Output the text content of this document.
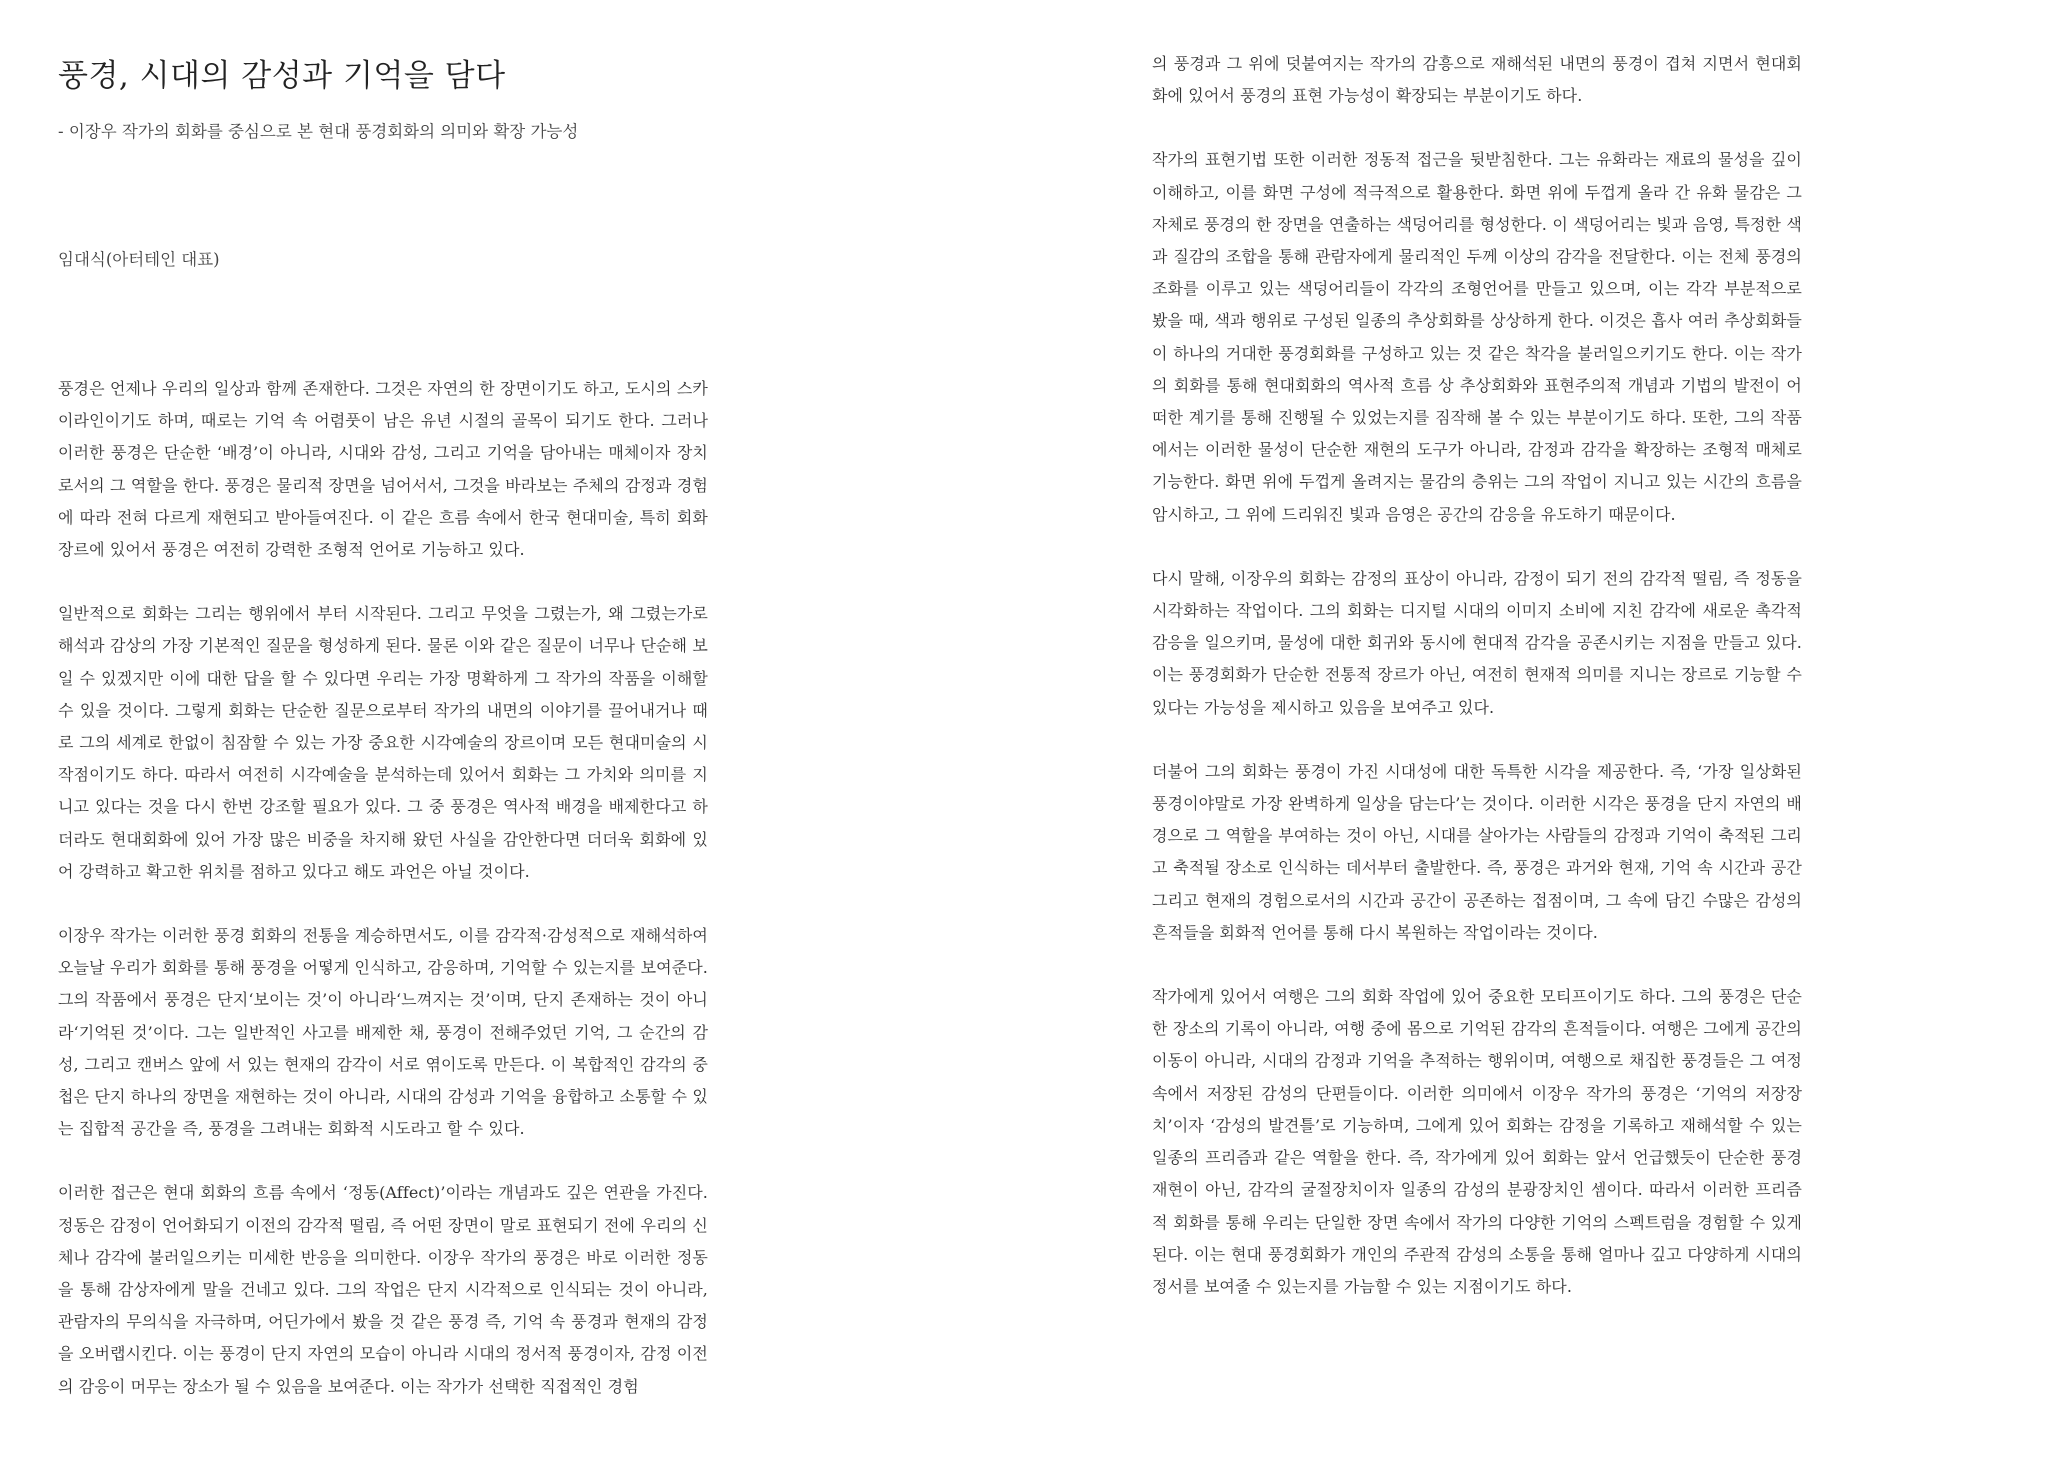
풍경, 시대의 감성과 기억을 담다

- 이장우 작가의 회화를 중심으로 본 현대 풍경회화의 의미와 확장 가능성

임대식(아터테인 대표)

풍경은 언제나 우리의 일상과 함께 존재한다. 그것은 자연의 한 장면이기도 하고, 도시의 스카이라인이기도 하며, 때로는 기억 속 어렴풋이 남은 유년 시절의 골목이 되기도 한다. 그러나 이러한 풍경은 단순한 ‘배경’이 아니라, 시대와 감성, 그리고 기억을 담아내는 매체이자 장치로서의 그 역할을 한다. 풍경은 물리적 장면을 넘어서서, 그것을 바라보는 주체의 감정과 경험에 따라 전혀 다르게 재현되고 받아들여진다. 이 같은 흐름 속에서 한국 현대미술, 특히 회화 장르에 있어서 풍경은 여전히 강력한 조형적 언어로 기능하고 있다.

일반적으로 회화는 그리는 행위에서 부터 시작된다. 그리고 무엇을 그렸는가, 왜 그렸는가로 해석과 감상의 가장 기본적인 질문을 형성하게 된다. 물론 이와 같은 질문이 너무나 단순해 보일 수 있겠지만 이에 대한 답을 할 수 있다면 우리는 가장 명확하게 그 작가의 작품을 이해할 수 있을 것이다. 그렇게 회화는 단순한 질문으로부터 작가의 내면의 이야기를 끌어내거나 때로 그의 세계로 한없이 침잠할 수 있는 가장 중요한 시각예술의 장르이며 모든 현대미술의 시작점이기도 하다. 따라서 여전히 시각예술을 분석하는데 있어서 회화는 그 가치와 의미를 지니고 있다는 것을 다시 한번 강조할 필요가 있다. 그 중 풍경은 역사적 배경을 배제한다고 하더라도 현대회화에 있어 가장 많은 비중을 차지해 왔던 사실을 감안한다면 더더욱 회화에 있어 강력하고 확고한 위치를 점하고 있다고 해도 과언은 아닐 것이다.

이장우 작가는 이러한 풍경 회화의 전통을 계승하면서도, 이를 감각적·감성적으로 재해석하여 오늘날 우리가 회화를 통해 풍경을 어떻게 인식하고, 감응하며, 기억할 수 있는지를 보여준다. 그의 작품에서 풍경은 단지‘보이는 것’이 아니라‘느껴지는 것’이며, 단지 존재하는 것이 아니라‘기억된 것’이다. 그는 일반적인 사고를 배제한 채, 풍경이 전해주었던 기억, 그 순간의 감성, 그리고 캔버스 앞에 서 있는 현재의 감각이 서로 엮이도록 만든다. 이 복합적인 감각의 중첩은 단지 하나의 장면을 재현하는 것이 아니라, 시대의 감성과 기억을 융합하고 소통할 수 있는 집합적 공간을 즉, 풍경을 그려내는 회화적 시도라고 할 수 있다.

이러한 접근은 현대 회화의 흐름 속에서 ‘정동(Affect)’이라는 개념과도 깊은 연관을 가진다. 정동은 감정이 언어화되기 이전의 감각적 떨림, 즉 어떤 장면이 말로 표현되기 전에 우리의 신체나 감각에 불러일으키는 미세한 반응을 의미한다. 이장우 작가의 풍경은 바로 이러한 정동을 통해 감상자에게 말을 건네고 있다. 그의 작업은 단지 시각적으로 인식되는 것이 아니라, 관람자의 무의식을 자극하며, 어딘가에서 봤을 것 같은 풍경 즉, 기억 속 풍경과 현재의 감정을 오버랩시킨다. 이는 풍경이 단지 자연의 모습이 아니라 시대의 정서적 풍경이자, 감정 이전의 감응이 머무는 장소가 될 수 있음을 보여준다. 이는 작가가 선택한 직접적인 경험

의 풍경과 그 위에 덧붙여지는 작가의 감흥으로 재해석된 내면의 풍경이 겹쳐 지면서 현대회화에 있어서 풍경의 표현 가능성이 확장되는 부분이기도 하다.

작가의 표현기법 또한 이러한 정동적 접근을 뒷받침한다. 그는 유화라는 재료의 물성을 깊이 이해하고, 이를 화면 구성에 적극적으로 활용한다. 화면 위에 두껍게 올라 간 유화 물감은 그 자체로 풍경의 한 장면을 연출하는 색덩어리를 형성한다. 이 색덩어리는 빛과 음영, 특정한 색과 질감의 조합을 통해 관람자에게 물리적인 두께 이상의 감각을 전달한다. 이는 전체 풍경의 조화를 이루고 있는 색덩어리들이 각각의 조형언어를 만들고 있으며, 이는 각각 부분적으로 봤을 때, 색과 행위로 구성된 일종의 추상회화를 상상하게 한다. 이것은 흡사 여러 추상회화들이 하나의 거대한 풍경회화를 구성하고 있는 것 같은 착각을 불러일으키기도 한다. 이는 작가의 회화를 통해 현대회화의 역사적 흐름 상 추상회화와 표현주의적 개념과 기법의 발전이 어떠한 계기를 통해 진행될 수 있었는지를 짐작해 볼 수 있는 부분이기도 하다. 또한, 그의 작품에서는 이러한 물성이 단순한 재현의 도구가 아니라, 감정과 감각을 확장하는 조형적 매체로 기능한다. 화면 위에 두껍게 올려지는 물감의 층위는 그의 작업이 지니고 있는 시간의 흐름을 암시하고, 그 위에 드리워진 빛과 음영은 공간의 감응을 유도하기 때문이다.

다시 말해, 이장우의 회화는 감정의 표상이 아니라, 감정이 되기 전의 감각적 떨림, 즉 정동을 시각화하는 작업이다. 그의 회화는 디지털 시대의 이미지 소비에 지친 감각에 새로운 촉각적 감응을 일으키며, 물성에 대한 회귀와 동시에 현대적 감각을 공존시키는 지점을 만들고 있다. 이는 풍경회화가 단순한 전통적 장르가 아닌, 여전히 현재적 의미를 지니는 장르로 기능할 수 있다는 가능성을 제시하고 있음을 보여주고 있다.

더불어 그의 회화는 풍경이 가진 시대성에 대한 독특한 시각을 제공한다. 즉, ‘가장 일상화된 풍경이야말로 가장 완벽하게 일상을 담는다’는 것이다. 이러한 시각은 풍경을 단지 자연의 배경으로 그 역할을 부여하는 것이 아닌, 시대를 살아가는 사람들의 감정과 기억이 축적된 그리고 축적될 장소로 인식하는 데서부터 출발한다. 즉, 풍경은 과거와 현재, 기억 속 시간과 공간 그리고 현재의 경험으로서의 시간과 공간이 공존하는 접점이며, 그 속에 담긴 수많은 감성의 흔적들을 회화적 언어를 통해 다시 복원하는 작업이라는 것이다.

작가에게 있어서 여행은 그의 회화 작업에 있어 중요한 모티프이기도 하다. 그의 풍경은 단순한 장소의 기록이 아니라, 여행 중에 몸으로 기억된 감각의 흔적들이다. 여행은 그에게 공간의 이동이 아니라, 시대의 감정과 기억을 추적하는 행위이며, 여행으로 채집한 풍경들은 그 여정 속에서 저장된 감성의 단편들이다. 이러한 의미에서 이장우 작가의 풍경은 ‘기억의 저장장치’이자 ‘감성의 발견틀’로 기능하며, 그에게 있어 회화는 감정을 기록하고 재해석할 수 있는 일종의 프리즘과 같은 역할을 한다. 즉, 작가에게 있어 회화는 앞서 언급했듯이 단순한 풍경 재현이 아닌, 감각의 굴절장치이자 일종의 감성의 분광장치인 셈이다. 따라서 이러한 프리즘적 회화를 통해 우리는 단일한 장면 속에서 작가의 다양한 기억의 스펙트럼을 경험할 수 있게 된다. 이는 현대 풍경회화가 개인의 주관적 감성의 소통을 통해 얼마나 깊고 다양하게 시대의 정서를 보여줄 수 있는지를 가늠할 수 있는 지점이기도 하다.
